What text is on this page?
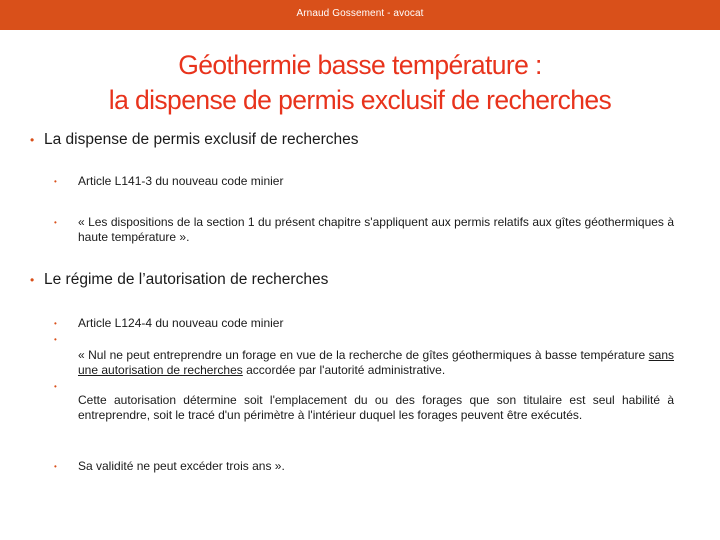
Arnaud Gossement - avocat
Géothermie basse température :
la dispense de permis exclusif de recherches
• La dispense de permis exclusif de recherches
•	Article L141-3 du nouveau code minier
•	« Les dispositions de la section 1 du présent chapitre s'appliquent aux permis relatifs aux gîtes géothermiques à haute température ».
• Le régime de l’autorisation de recherches
•	Article L124-4 du nouveau code minier
•
« Nul ne peut entreprendre un forage en vue de la recherche de gîtes géothermiques à basse température sans une autorisation de recherches accordée par l'autorité administrative.
•
Cette autorisation détermine soit l'emplacement du ou des forages que son titulaire est seul habilité à entreprendre, soit le tracé d'un périmètre à l'intérieur duquel les forages peuvent être exécutés.
•	Sa validité ne peut excéder trois ans ».
